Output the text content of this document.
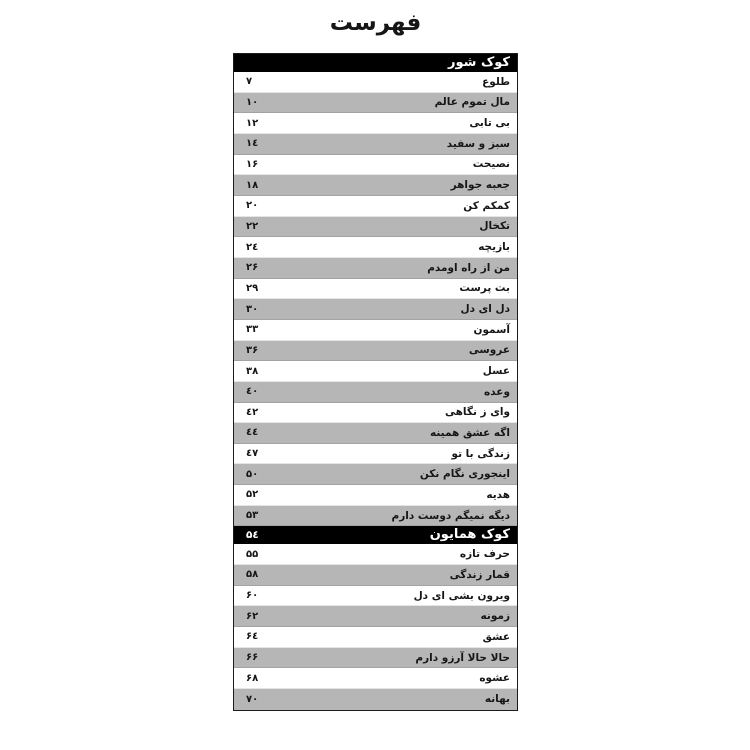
فهرست
کوک شور
طلوع
۷
مال تموم عالم
۱۰
بی تابی
۱۲
سبز و سفید
۱٤
نصیحت
۱۶
جعبه جواهر
۱۸
کمکم کن
۲۰
تکخال
۲۲
بازیچه
۲٤
من از راه اومدم
۲۶
بت پرست
۲۹
دل ای دل
۳۰
آسمون
۳۳
عروسی
۳۶
عسل
۳۸
وعده
٤۰
وای ز نگاهی
٤۲
اگه عشق همینه
٤٤
زندگی با تو
٤۷
اینجوری نگام نکن
۵۰
هدیه
۵۲
دیگه نمیگم دوست دارم
۵۳
کوک همایون
۵٤
حرف تازه
۵۵
قمار زندگی
۵۸
ویرون بشی ای دل
۶۰
زمونه
۶۲
عشق
۶٤
حالا حالا آرزو دارم
۶۶
عشوه
۶۸
بهانه
۷۰
